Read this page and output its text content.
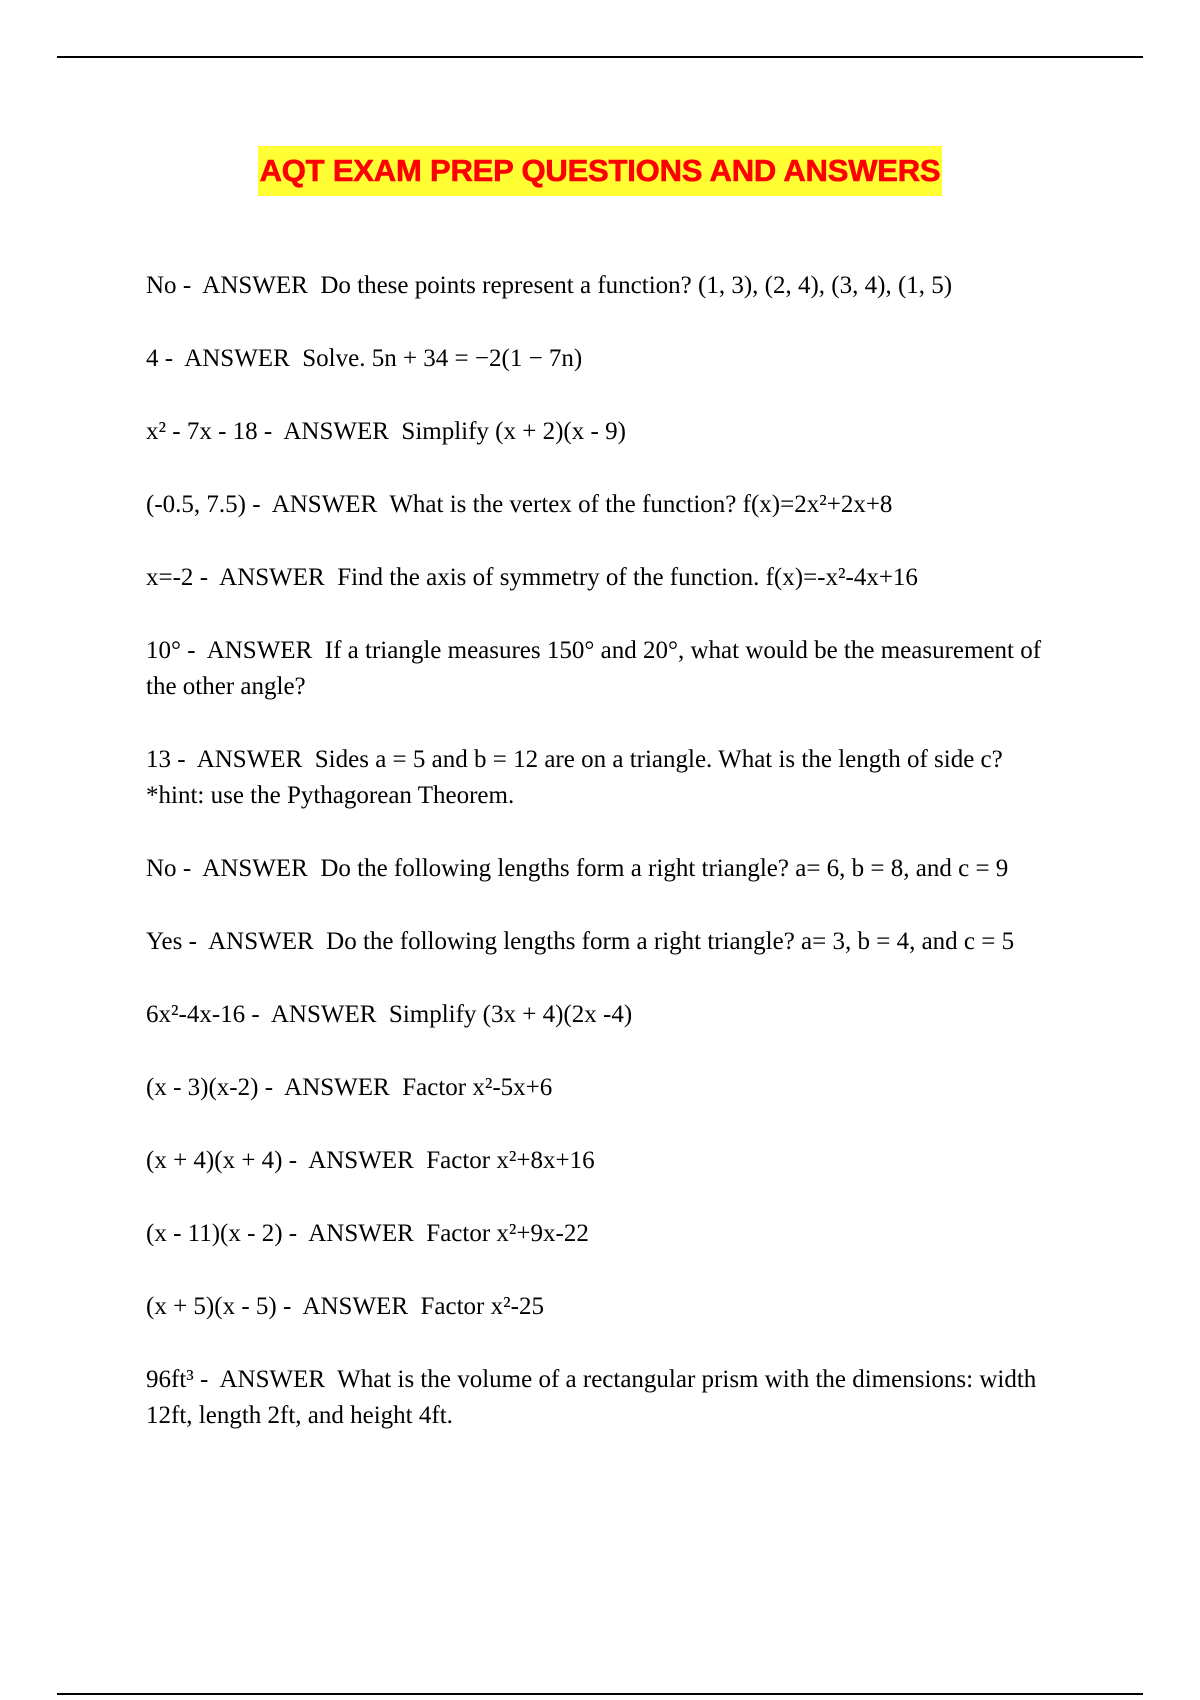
AQT EXAM PREP QUESTIONS AND ANSWERS
No -  ANSWER Do these points represent a function? (1, 3), (2, 4), (3, 4), (1, 5)
4 -  ANSWER Solve. 5n + 34 = −2(1 − 7n)
x² - 7x - 18 -  ANSWER Simplify (x + 2)(x - 9)
(-0.5, 7.5) -  ANSWER What is the vertex of the function? f(x)=2x²+2x+8
x=-2 -  ANSWER Find the axis of symmetry of the function. f(x)=-x²-4x+16
10° -  ANSWER If a triangle measures 150° and 20°, what would be the measurement of the other angle?
13 -  ANSWER Sides a = 5 and b = 12 are on a triangle. What is the length of side c? *hint: use the Pythagorean Theorem.
No -  ANSWER Do the following lengths form a right triangle? a= 6, b = 8, and c = 9
Yes -  ANSWER Do the following lengths form a right triangle? a= 3, b = 4, and c = 5
6x²-4x-16 -  ANSWER Simplify (3x + 4)(2x -4)
(x - 3)(x-2) -  ANSWER Factor x²-5x+6
(x + 4)(x + 4) -  ANSWER Factor x²+8x+16
(x - 11)(x - 2) -  ANSWER Factor x²+9x-22
(x + 5)(x - 5) -  ANSWER Factor x²-25
96ft³ -  ANSWER What is the volume of a rectangular prism with the dimensions: width 12ft, length 2ft, and height 4ft.
